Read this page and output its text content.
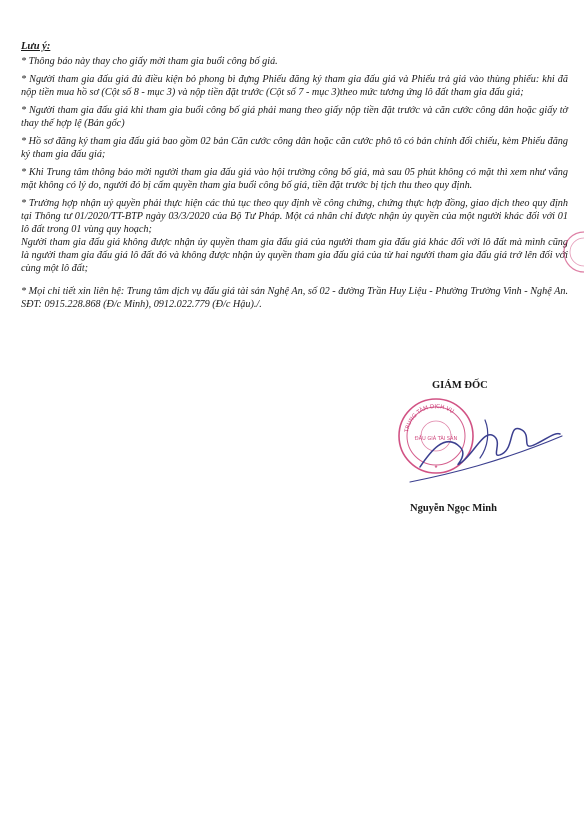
Lưu ý:

* Thông báo này thay cho giấy mời tham gia buổi công bố giá.

* Người tham gia đấu giá đủ điều kiện bỏ phong bì đựng Phiếu đăng ký tham gia đấu giá và Phiếu trả giá vào thùng phiếu: khi đã nộp tiền mua hồ sơ (Cột số 8 - mục 3) và nộp tiền đặt trước (Cột số 7 - mục 3)theo mức tương ứng lô đất tham gia đấu giá;

* Người tham gia đấu giá khi tham gia buổi công bố giá phải mang theo giấy nộp tiền đặt trước và căn cước công dân hoặc giấy tờ thay thế hợp lệ (Bản gốc)

* Hồ sơ đăng ký tham gia đấu giá bao gồm 02 bản Căn cước công dân hoặc căn cước phô tô có bản chính đối chiếu, kèm Phiếu đăng ký tham gia đấu giá;

* Khi Trung tâm thông báo mời người tham gia đấu giá vào hội trường công bố giá, mà sau 05 phút không có mặt thì xem như vắng mặt không có lý do, người đó bị cấm quyền tham gia buổi công bố giá, tiền đặt trước bị tịch thu theo quy định.

* Trường hợp nhận uỷ quyền phải thực hiện các thủ tục theo quy định về công chứng, chứng thực hợp đồng, giao dịch theo quy định tại Thông tư 01/2020/TT-BTP ngày 03/3/2020 của Bộ Tư Pháp. Một cá nhân chỉ được nhận ủy quyền của một người khác đối với 01 lô đất trong 01 vùng quy hoạch;

Người tham gia đấu giá không được nhận ủy quyền tham gia đấu giá của người tham gia đấu giá khác đối với lô đất mà mình cũng là người tham gia đấu giá lô đất đó và không được nhận ủy quyền tham gia đấu giá của từ hai người tham gia đấu giá trở lên đối với cùng một lô đất;

* Mọi chi tiết xin liên hệ: Trung tâm dịch vụ đấu giá tài sản Nghệ An, số 02 - đường Trần Huy Liệu - Phường Trường Vinh - Nghệ An. SĐT: 0915.228.868 (Đ/c Minh), 0912.022.779 (Đ/c Hậu)./.

GIÁM ĐỐC
TRUNG TÂM DỊCH VỤ
ĐẤU GIÁ TÀI SẢN
★
Nguyễn Ngọc Minh
